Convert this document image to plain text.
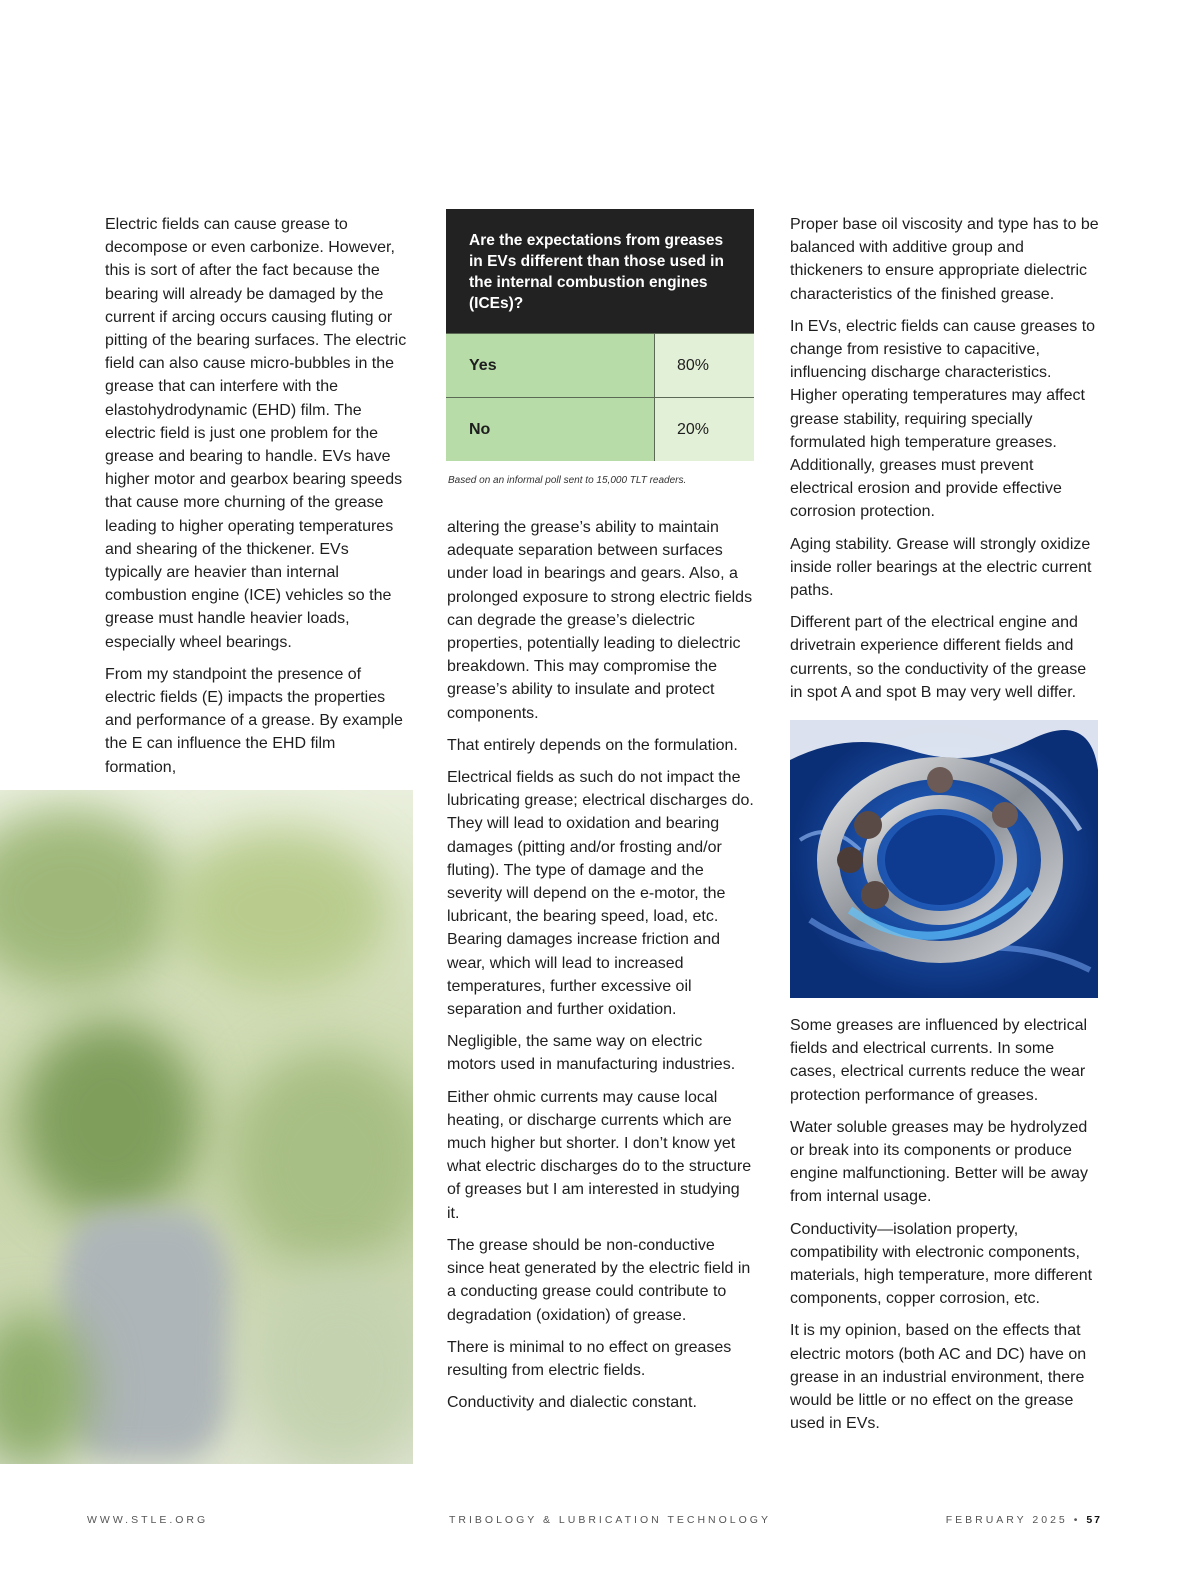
Electric fields can cause grease to decompose or even carbonize. However, this is sort of after the fact because the bearing will already be damaged by the current if arcing occurs causing fluting or pitting of the bearing surfaces. The electric field can also cause micro-bubbles in the grease that can interfere with the elastohydrodynamic (EHD) film. The electric field is just one problem for the grease and bearing to handle. EVs have higher motor and gearbox bearing speeds that cause more churning of the grease leading to higher operating temperatures and shearing of the thickener. EVs typically are heavier than internal combustion engine (ICE) vehicles so the grease must handle heavier loads, especially wheel bearings.

From my standpoint the presence of electric fields (E) impacts the properties and performance of a grease. By example the E can influence the EHD film formation,

Are the expectations from greases in EVs different than those used in the internal combustion engines (ICEs)?
Yes	80%
No	20%
Based on an informal poll sent to 15,000 TLT readers.

altering the grease’s ability to maintain adequate separation between surfaces under load in bearings and gears. Also, a prolonged exposure to strong electric fields can degrade the grease’s dielectric properties, potentially leading to dielectric breakdown. This may compromise the grease’s ability to insulate and protect components.

That entirely depends on the formulation.

Electrical fields as such do not impact the lubricating grease; electrical discharges do. They will lead to oxidation and bearing damages (pitting and/or frosting and/or fluting). The type of damage and the severity will depend on the e-motor, the lubricant, the bearing speed, load, etc. Bearing damages increase friction and wear, which will lead to increased temperatures, further excessive oil separation and further oxidation.

Negligible, the same way on electric motors used in manufacturing industries.

Either ohmic currents may cause local heating, or discharge currents which are much higher but shorter. I don’t know yet what electric discharges do to the structure of greases but I am interested in studying it.

The grease should be non-conductive since heat generated by the electric field in a conducting grease could contribute to degradation (oxidation) of grease.

There is minimal to no effect on greases resulting from electric fields.

Conductivity and dialectic constant.

Proper base oil viscosity and type has to be balanced with additive group and thickeners to ensure appropriate dielectric characteristics of the finished grease.

In EVs, electric fields can cause greases to change from resistive to capacitive, influencing discharge characteristics. Higher operating temperatures may affect grease stability, requiring specially formulated high temperature greases. Additionally, greases must prevent electrical erosion and provide effective corrosion protection.

Aging stability. Grease will strongly oxidize inside roller bearings at the electric current paths.

Different part of the electrical engine and drivetrain experience different fields and currents, so the conductivity of the grease in spot A and spot B may very well differ.

Some greases are influenced by electrical fields and electrical currents. In some cases, electrical currents reduce the wear protection performance of greases.

Water soluble greases may be hydrolyzed or break into its components or produce engine malfunctioning. Better will be away from internal usage.

Conductivity—isolation property, compatibility with electronic components, materials, high temperature, more different components, copper corrosion, etc.

It is my opinion, based on the effects that electric motors (both AC and DC) have on grease in an industrial environment, there would be little or no effect on the grease used in EVs.

WWW.STLE.ORG	TRIBOLOGY & LUBRICATION TECHNOLOGY	FEBRUARY 2025 • 57
